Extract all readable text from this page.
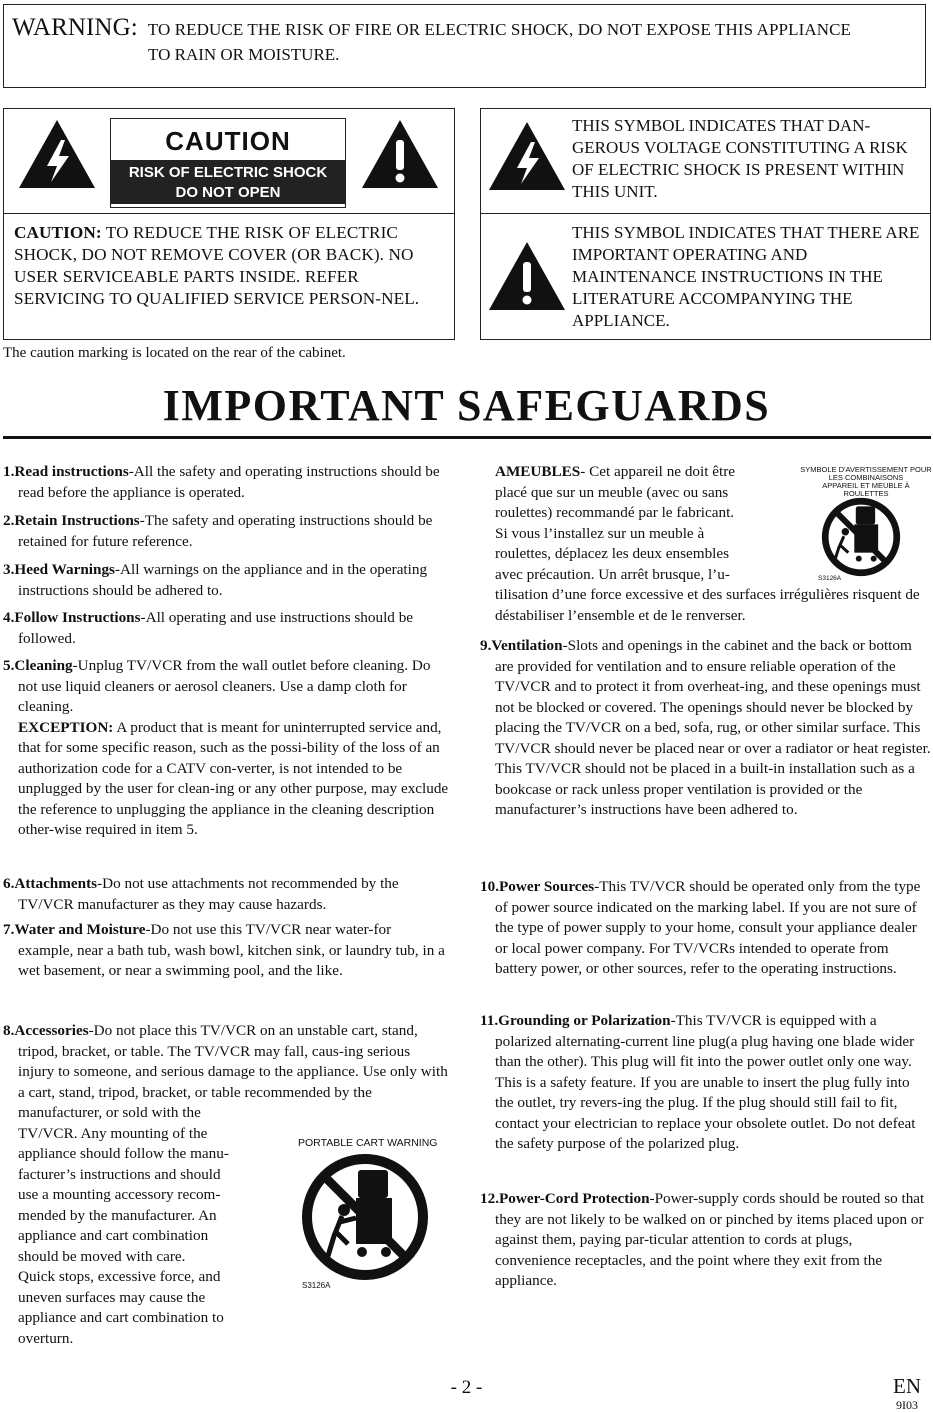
WARNING: TO REDUCE THE RISK OF FIRE OR ELECTRIC SHOCK, DO NOT EXPOSE THIS APPLIANCE
TO RAIN OR MOISTURE.
CAUTION
RISK OF ELECTRIC SHOCK
DO NOT OPEN
CAUTION: TO REDUCE THE RISK OF ELECTRIC SHOCK, DO NOT REMOVE COVER (OR BACK). NO USER SERVICEABLE PARTS INSIDE. REFER SERVICING TO QUALIFIED SERVICE PERSON-NEL.
The caution marking is located on the rear of the cabinet.
THIS SYMBOL INDICATES THAT DAN-GEROUS VOLTAGE CONSTITUTING A RISK OF ELECTRIC SHOCK IS PRESENT WITHIN THIS UNIT.
THIS SYMBOL INDICATES THAT THERE ARE IMPORTANT OPERATING AND MAINTENANCE INSTRUCTIONS IN THE LITERATURE ACCOMPANYING THE APPLIANCE.
IMPORTANT SAFEGUARDS
1.Read instructions-All the safety and operating instructions should be read before the appliance is operated.
2.Retain Instructions-The safety and operating instructions should be retained for future reference.
3.Heed Warnings-All warnings on the appliance and in the operating instructions should be adhered to.
4.Follow Instructions-All operating and use instructions should be followed.
5.Cleaning-Unplug TV/VCR from the wall outlet before cleaning. Do not use liquid cleaners or aerosol cleaners. Use a damp cloth for cleaning.
EXCEPTION: A product that is meant for uninterrupted service and, that for some specific reason, such as the possi-bility of the loss of an authorization code for a CATV con-verter, is not intended to be unplugged by the user for clean-ing or any other purpose, may exclude the reference to unplugging the appliance in the cleaning description other-wise required in item 5.
6.Attachments-Do not use attachments not recommended by the TV/VCR manufacturer as they may cause hazards.
7.Water and Moisture-Do not use this TV/VCR near water-for example, near a bath tub, wash bowl, kitchen sink, or laundry tub, in a wet basement, or near a swimming pool, and the like.
8.Accessories-Do not place this TV/VCR on an unstable cart, stand, tripod, bracket, or table. The TV/VCR may fall, caus-ing serious injury to someone, and serious damage to the appliance. Use only with a cart, stand, tripod, bracket, or table recommended by the manufacturer, or sold with the
TV/VCR. Any mounting of the
appliance should follow the manu-
facturer’s instructions and should
use a mounting accessory recom-
mended by the manufacturer. An
appliance and cart combination
should be moved with care.
Quick stops, excessive force, and
uneven surfaces may cause the
appliance and cart combination to
overturn.
PORTABLE CART WARNING
S3126A
AMEUBLES- Cet appareil ne doit être
placé que sur un meuble (avec ou sans
roulettes) recommandé par le fabricant.
Si vous l’installez sur un meuble à
roulettes, déplacez les deux ensembles
avec précaution. Un arrêt brusque, l’u-
tilisation d’une force excessive et des surfaces irrégulières risquent de déstabiliser l’ensemble et de le renverser.
9.Ventilation-Slots and openings in the cabinet and the back or bottom are provided for ventilation and to ensure reliable operation of the TV/VCR and to protect it from overheat-ing, and these openings must not be blocked or covered. The openings should never be blocked by placing the TV/VCR on a bed, sofa, rug, or other similar surface. This TV/VCR should never be placed near or over a radiator or heat register. This TV/VCR should not be placed in a built-in installation such as a bookcase or rack unless proper ventilation is provided or the manufacturer’s instructions have been adhered to.
10.Power Sources-This TV/VCR should be operated only from the type of power source indicated on the marking label. If you are not sure of the type of power supply to your home, consult your appliance dealer or local power company. For TV/VCRs intended to operate from battery power, or other sources, refer to the operating instructions.
11.Grounding or Polarization-This TV/VCR is equipped with a polarized alternating-current line plug(a plug having one blade wider than the other). This plug will fit into the power outlet only one way. This is a safety feature. If you are unable to insert the plug fully into the outlet, try revers-ing the plug. If the plug should still fail to fit, contact your electrician to replace your obsolete outlet. Do not defeat the safety purpose of the polarized plug.
12.Power-Cord Protection-Power-supply cords should be routed so that they are not likely to be walked on or pinched by items placed upon or against them, paying par-ticular attention to cords at plugs, convenience receptacles, and the point where they exit from the appliance.
SYMBOLE D'AVERTISSEMENT POUR
LES COMBINAISONS
APPAREIL ET MEUBLE À ROULETTES
S3126A
- 2 -	EN
9I03
